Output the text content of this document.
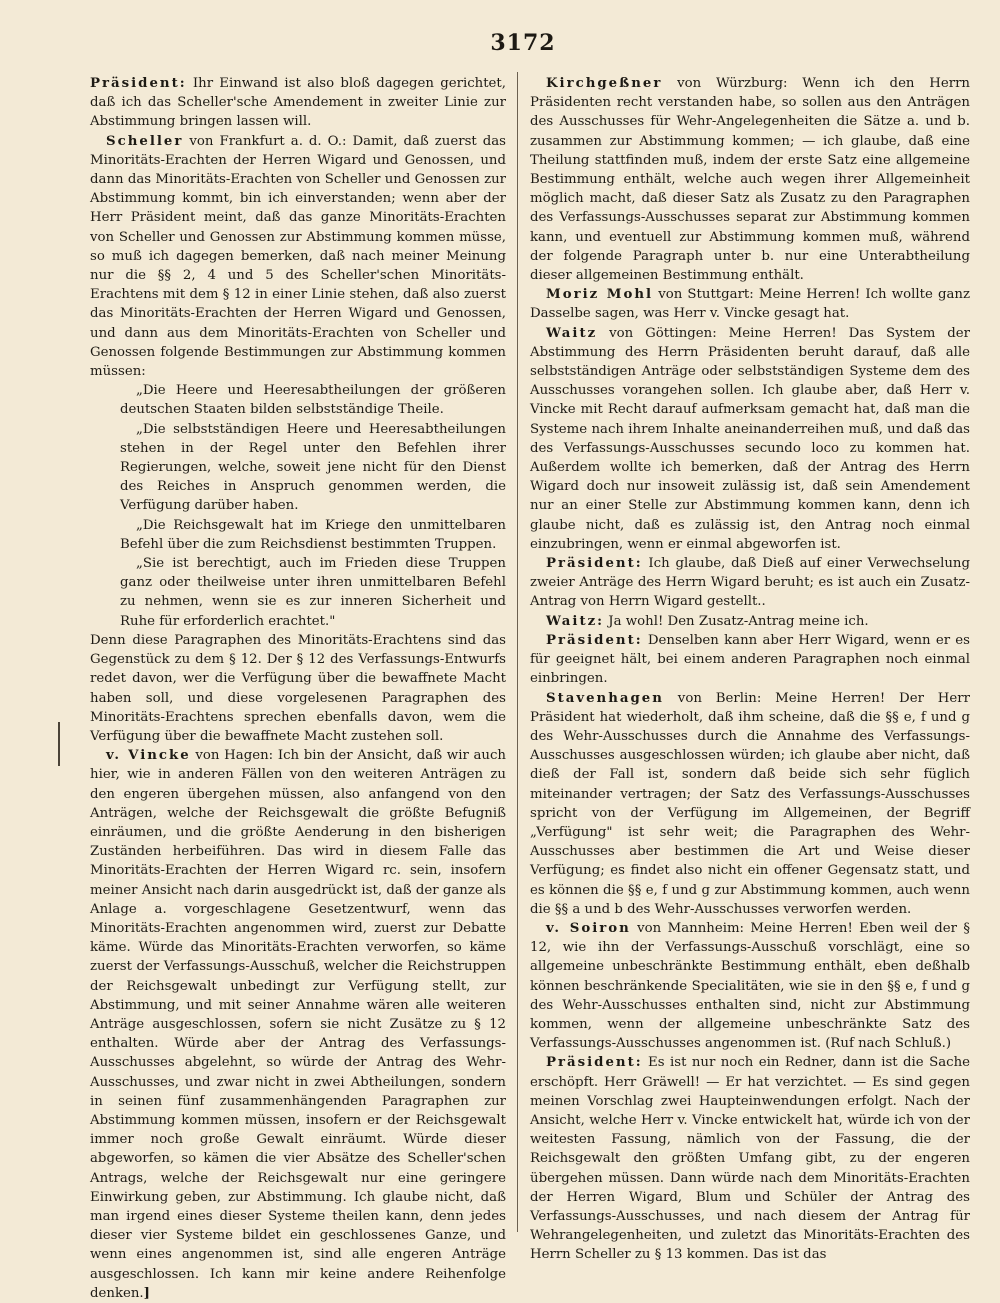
3172

Präsident: Ihr Einwand ist also bloß dagegen gerichtet, daß ich das Scheller'sche Amendement in zweiter Linie zur Abstimmung bringen lassen will.

Scheller von Frankfurt a. d. O.: Damit, daß zuerst das Minoritäts-Erachten der Herren Wigard und Genossen, und dann das Minoritäts-Erachten von Scheller und Genossen zur Abstimmung kommt, bin ich einverstanden; wenn aber der Herr Präsident meint, daß das ganze Minoritäts-Erachten von Scheller und Genossen zur Abstimmung kommen müsse, so muß ich dagegen bemerken, daß nach meiner Meinung nur die §§ 2, 4 und 5 des Scheller'schen Minoritäts-Erachtens mit dem § 12 in einer Linie stehen, daß also zuerst das Minoritäts-Erachten der Herren Wigard und Genossen, und dann aus dem Minoritäts-Erachten von Scheller und Genossen folgende Bestimmungen zur Abstimmung kommen müssen:

„Die Heere und Heeresabtheilungen der größeren deutschen Staaten bilden selbstständige Theile.

„Die selbstständigen Heere und Heeresabtheilungen stehen in der Regel unter den Befehlen ihrer Regierungen, welche, soweit jene nicht für den Dienst des Reiches in Anspruch genommen werden, die Verfügung darüber haben.

„Die Reichsgewalt hat im Kriege den unmittelbaren Befehl über die zum Reichsdienst bestimmten Truppen.

„Sie ist berechtigt, auch im Frieden diese Truppen ganz oder theilweise unter ihren unmittelbaren Befehl zu nehmen, wenn sie es zur inneren Sicherheit und Ruhe für erforderlich erachtet."

Denn diese Paragraphen des Minoritäts-Erachtens sind das Gegenstück zu dem § 12. Der § 12 des Verfassungs-Entwurfs redet davon, wer die Verfügung über die bewaffnete Macht haben soll, und diese vorgelesenen Paragraphen des Minoritäts-Erachtens sprechen ebenfalls davon, wem die Verfügung über die bewaffnete Macht zustehen soll.

v. Vincke von Hagen: Ich bin der Ansicht, daß wir auch hier, wie in anderen Fällen von den weiteren Anträgen zu den engeren übergehen müssen, also anfangend von den Anträgen, welche der Reichsgewalt die größte Befugniß einräumen, und die größte Aenderung in den bisherigen Zuständen herbeiführen. Das wird in diesem Falle das Minoritäts-Erachten der Herren Wigard rc. sein, insofern meiner Ansicht nach darin ausgedrückt ist, daß der ganze als Anlage a. vorgeschlagene Gesetzentwurf, wenn das Minoritäts-Erachten angenommen wird, zuerst zur Debatte käme. Würde das Minoritäts-Erachten verworfen, so käme zuerst der Verfassungs-Ausschuß, welcher die Reichstruppen der Reichsgewalt unbedingt zur Verfügung stellt, zur Abstimmung, und mit seiner Annahme wären alle weiteren Anträge ausgeschlossen, sofern sie nicht Zusätze zu § 12 enthalten. Würde aber der Antrag des Verfassungs-Ausschusses abgelehnt, so würde der Antrag des Wehr-Ausschusses, und zwar nicht in zwei Abtheilungen, sondern in seinen fünf zusammenhängenden Paragraphen zur Abstimmung kommen müssen, insofern er der Reichsgewalt immer noch große Gewalt einräumt. Würde dieser abgeworfen, so kämen die vier Absätze des Scheller'schen Antrags, welche der Reichsgewalt nur eine geringere Einwirkung geben, zur Abstimmung. Ich glaube nicht, daß man irgend eines dieser Systeme theilen kann, denn jedes dieser vier Systeme bildet ein geschlossenes Ganze, und wenn eines angenommen ist, sind alle engeren Anträge ausgeschlossen. Ich kann mir keine andere Reihenfolge denken.]

Kirchgeßner von Würzburg: Wenn ich den Herrn Präsidenten recht verstanden habe, so sollen aus den Anträgen des Ausschusses für Wehr-Angelegenheiten die Sätze a. und b. zusammen zur Abstimmung kommen; — ich glaube, daß eine Theilung stattfinden muß, indem der erste Satz eine allgemeine Bestimmung enthält, welche auch wegen ihrer Allgemeinheit möglich macht, daß dieser Satz als Zusatz zu den Paragraphen des Verfassungs-Ausschusses separat zur Abstimmung kommen kann, und eventuell zur Abstimmung kommen muß, während der folgende Paragraph unter b. nur eine Unterabtheilung dieser allgemeinen Bestimmung enthält.

Moriz Mohl von Stuttgart: Meine Herren! Ich wollte ganz Dasselbe sagen, was Herr v. Vincke gesagt hat.

Waitz von Göttingen: Meine Herren! Das System der Abstimmung des Herrn Präsidenten beruht darauf, daß alle selbstständigen Anträge oder selbstständigen Systeme dem des Ausschusses vorangehen sollen. Ich glaube aber, daß Herr v. Vincke mit Recht darauf aufmerksam gemacht hat, daß man die Systeme nach ihrem Inhalte aneinanderreihen muß, und daß das des Verfassungs-Ausschusses secundo loco zu kommen hat. Außerdem wollte ich bemerken, daß der Antrag des Herrn Wigard doch nur insoweit zulässig ist, daß sein Amendement nur an einer Stelle zur Abstimmung kommen kann, denn ich glaube nicht, daß es zulässig ist, den Antrag noch einmal einzubringen, wenn er einmal abgeworfen ist.

Präsident: Ich glaube, daß Dieß auf einer Verwechselung zweier Anträge des Herrn Wigard beruht; es ist auch ein Zusatz-Antrag von Herrn Wigard gestellt..

Waitz: Ja wohl! Den Zusatz-Antrag meine ich.

Präsident: Denselben kann aber Herr Wigard, wenn er es für geeignet hält, bei einem anderen Paragraphen noch einmal einbringen.

Stavenhagen von Berlin: Meine Herren! Der Herr Präsident hat wiederholt, daß ihm scheine, daß die §§ e, f und g des Wehr-Ausschusses durch die Annahme des Verfassungs-Ausschusses ausgeschlossen würden; ich glaube aber nicht, daß dieß der Fall ist, sondern daß beide sich sehr füglich miteinander vertragen; der Satz des Verfassungs-Ausschusses spricht von der Verfügung im Allgemeinen, der Begriff „Verfügung" ist sehr weit; die Paragraphen des Wehr-Ausschusses aber bestimmen die Art und Weise dieser Verfügung; es findet also nicht ein offener Gegensatz statt, und es können die §§ e, f und g zur Abstimmung kommen, auch wenn die §§ a und b des Wehr-Ausschusses verworfen werden.

v. Soiron von Mannheim: Meine Herren! Eben weil der § 12, wie ihn der Verfassungs-Ausschuß vorschlägt, eine so allgemeine unbeschränkte Bestimmung enthält, eben deßhalb können beschränkende Specialitäten, wie sie in den §§ e, f und g des Wehr-Ausschusses enthalten sind, nicht zur Abstimmung kommen, wenn der allgemeine unbeschränkte Satz des Verfassungs-Ausschusses angenommen ist. (Ruf nach Schluß.)

Präsident: Es ist nur noch ein Redner, dann ist die Sache erschöpft. Herr Gräwell! — Er hat verzichtet. — Es sind gegen meinen Vorschlag zwei Haupteinwendungen erfolgt. Nach der Ansicht, welche Herr v. Vincke entwickelt hat, würde ich von der weitesten Fassung, nämlich von der Fassung, die der Reichsgewalt den größten Umfang gibt, zu der engeren übergehen müssen. Dann würde nach dem Minoritäts-Erachten der Herren Wigard, Blum und Schüler der Antrag des Verfassungs-Ausschusses, und nach diesem der Antrag für Wehrangelegenheiten, und zuletzt das Minoritäts-Erachten des Herrn Scheller zu § 13 kommen. Das ist das
